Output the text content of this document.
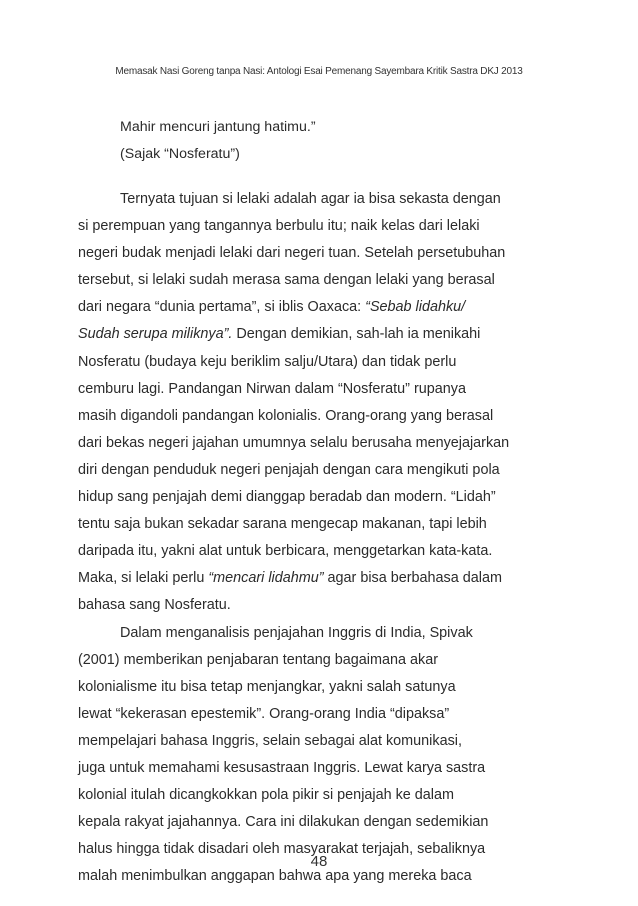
Memasak Nasi Goreng tanpa Nasi: Antologi Esai Pemenang Sayembara Kritik Sastra DKJ 2013
Mahir mencuri jantung hatimu.”
(Sajak “Nosferatu”)
Ternyata tujuan si lelaki adalah agar ia bisa sekasta dengan
si perempuan yang tangannya berbulu itu; naik kelas dari lelaki
negeri budak menjadi lelaki dari negeri tuan. Setelah persetubuhan
tersebut, si lelaki sudah merasa sama dengan lelaki yang berasal
dari negara “dunia pertama”, si iblis Oaxaca: “Sebab lidahku/
Sudah serupa miliknya”. Dengan demikian, sah-lah ia menikahi
Nosferatu (budaya keju beriklim salju/Utara) dan tidak perlu
cemburu lagi. Pandangan Nirwan dalam “Nosferatu” rupanya
masih digandoli pandangan kolonialis. Orang-orang yang berasal
dari bekas negeri jajahan umumnya selalu berusaha menyejajarkan
diri dengan penduduk negeri penjajah dengan cara mengikuti pola
hidup sang penjajah demi dianggap beradab dan modern. “Lidah”
tentu saja bukan sekadar sarana mengecap makanan, tapi lebih
daripada itu, yakni alat untuk berbicara, menggetarkan kata-kata.
Maka, si lelaki perlu “mencari lidahmu” agar bisa berbahasa dalam
bahasa sang Nosferatu.
Dalam menganalisis penjajahan Inggris di India, Spivak
(2001) memberikan penjabaran tentang bagaimana akar
kolonialisme itu bisa tetap menjangkar, yakni salah satunya
lewat “kekerasan epestemik”. Orang-orang India “dipaksa”
mempelajari bahasa Inggris, selain sebagai alat komunikasi,
juga untuk memahami kesusastraan Inggris. Lewat karya sastra
kolonial itulah dicangkokkan pola pikir si penjajah ke dalam
kepala rakyat jajahannya. Cara ini dilakukan dengan sedemikian
halus hingga tidak disadari oleh masyarakat terjajah, sebaliknya
malah menimbulkan anggapan bahwa apa yang mereka baca
48
